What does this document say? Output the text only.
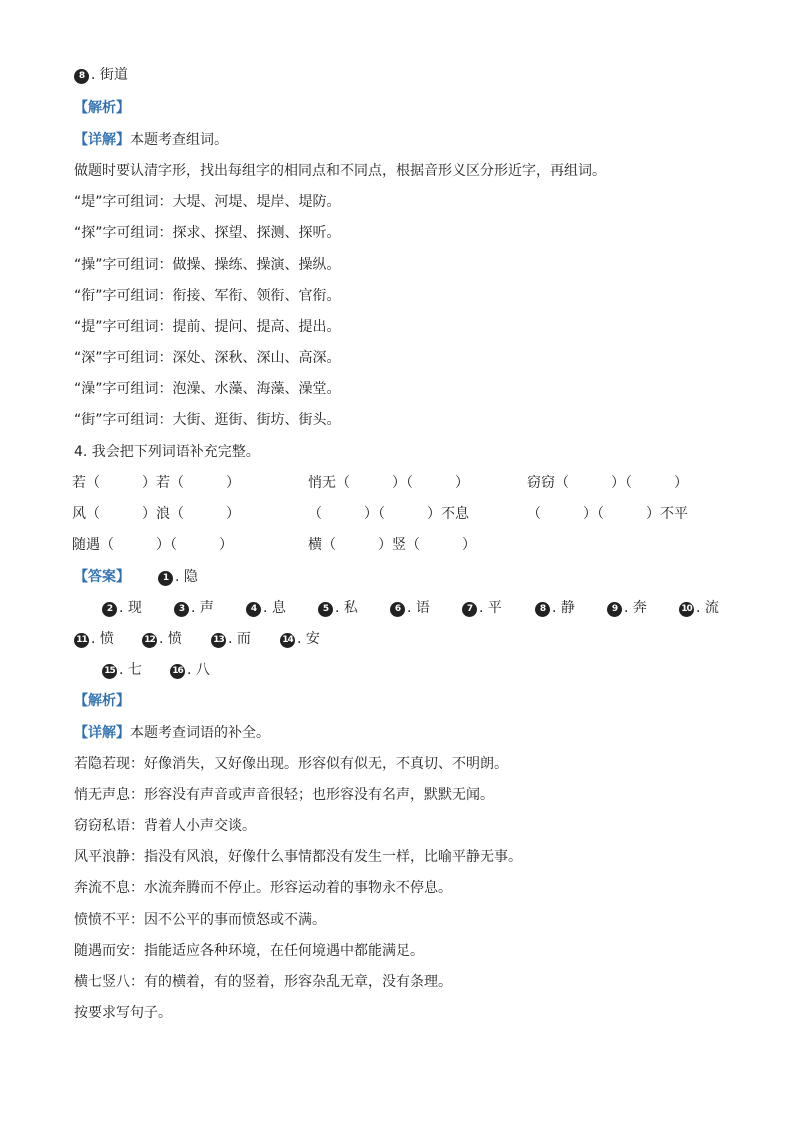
8 . 街道
【解析】
【详解】本题考查组词。
做题时要认清字形，找出每组字的相同点和不同点，根据音形义区分形近字，再组词。
“堤”字可组词：大堤、河堤、堤岸、堤防。
“探”字可组词：探求、探望、探测、探听。
“操”字可组词：做操、操练、操演、操纵。
“衔”字可组词：衔接、军衔、领衔、官衔。
“提”字可组词：提前、提问、提高、提出。
“深”字可组词：深处、深秋、深山、高深。
“澡”字可组词：泡澡、水藻、海藻、澡堂。
“街”字可组词：大街、逛街、街坊、街头。
4. 我会把下列词语补充完整。
若（　　　）若（　　　）	悄无（　　　）（　　　）	窃窃（　　　）（　　　）
风（　　　）浪（　　　）	（　　　）（　　　）不息	（　　　）（　　　）不平
随遇（　　　）（　　　）	横（　　　）竖（　　　）
【答案】	1 . 隐
2 . 现	3 . 声	4 . 息	5 . 私	6 . 语	7 . 平	8 . 静	9 . 奔	10 . 流
11 . 愤	12 . 愤	13 . 而	14 . 安
15 . 七	16 . 八
【解析】
【详解】本题考查词语的补全。
若隐若现：好像消失，又好像出现。形容似有似无，不真切、不明朗。
悄无声息：形容没有声音或声音很轻；也形容没有名声，默默无闻。
窃窃私语：背着人小声交谈。
风平浪静：指没有风浪，好像什么事情都没有发生一样，比喻平静无事。
奔流不息：水流奔腾而不停止。形容运动着的事物永不停息。
愤愤不平：因不公平的事而愤怒或不满。
随遇而安：指能适应各种环境，在任何境遇中都能满足。
横七竖八：有的横着，有的竖着，形容杂乱无章，没有条理。
按要求写句子。
